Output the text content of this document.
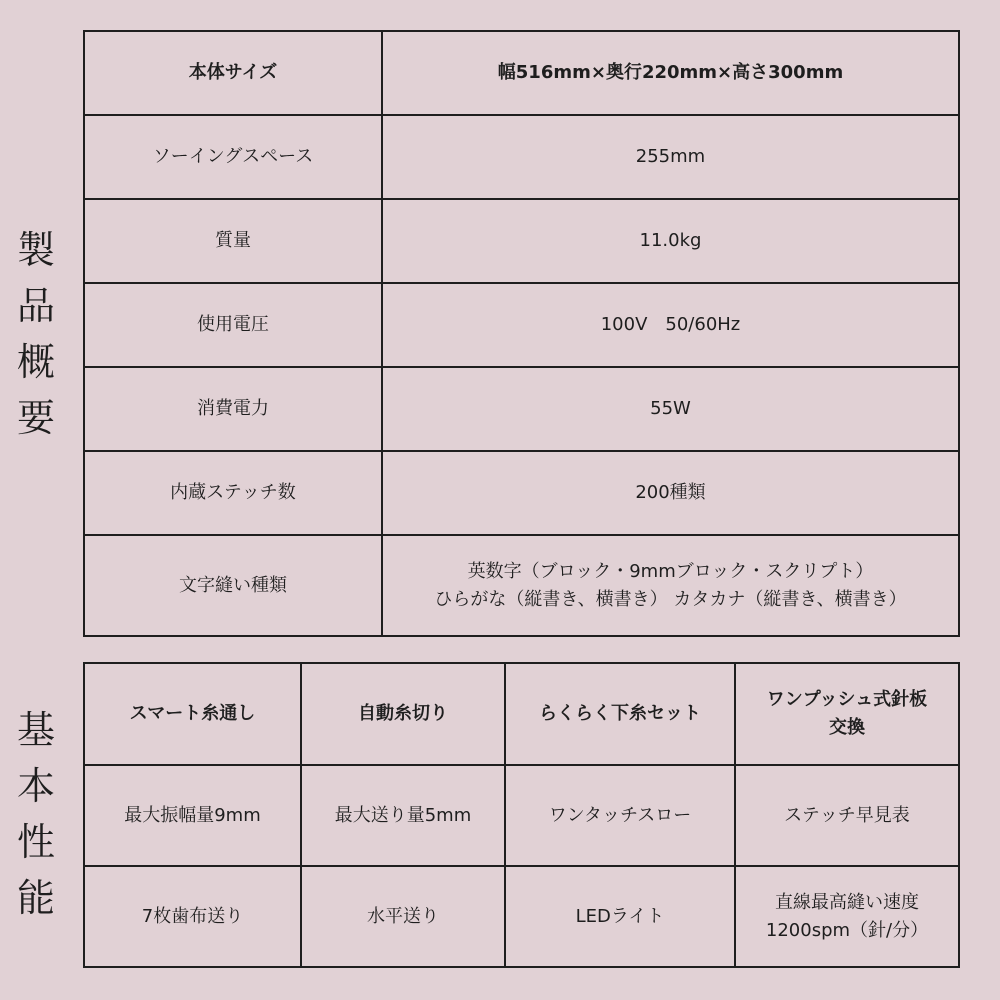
製
品
概
要
基
本
性
能
本体サイズ	幅516mm×奥行220mm×高さ300mm
ソーイングスペース	255mm
質量	11.0kg
使用電圧	100V　50/60Hz
消費電力	55W
内蔵ステッチ数	200種類
文字縫い種類	英数字（ブロック・9mmブロック・スクリプト）
ひらがな（縦書き、横書き） カタカナ（縦書き、横書き）
スマート糸通し	自動糸切り	らくらく下糸セット	ワンプッシュ式針板
交換

最大振幅量9mm	最大送り量5mm	ワンタッチスロー	ステッチ早見表
7枚歯布送り	水平送り	LEDライト	直線最高縫い速度
1200spm（針/分）
